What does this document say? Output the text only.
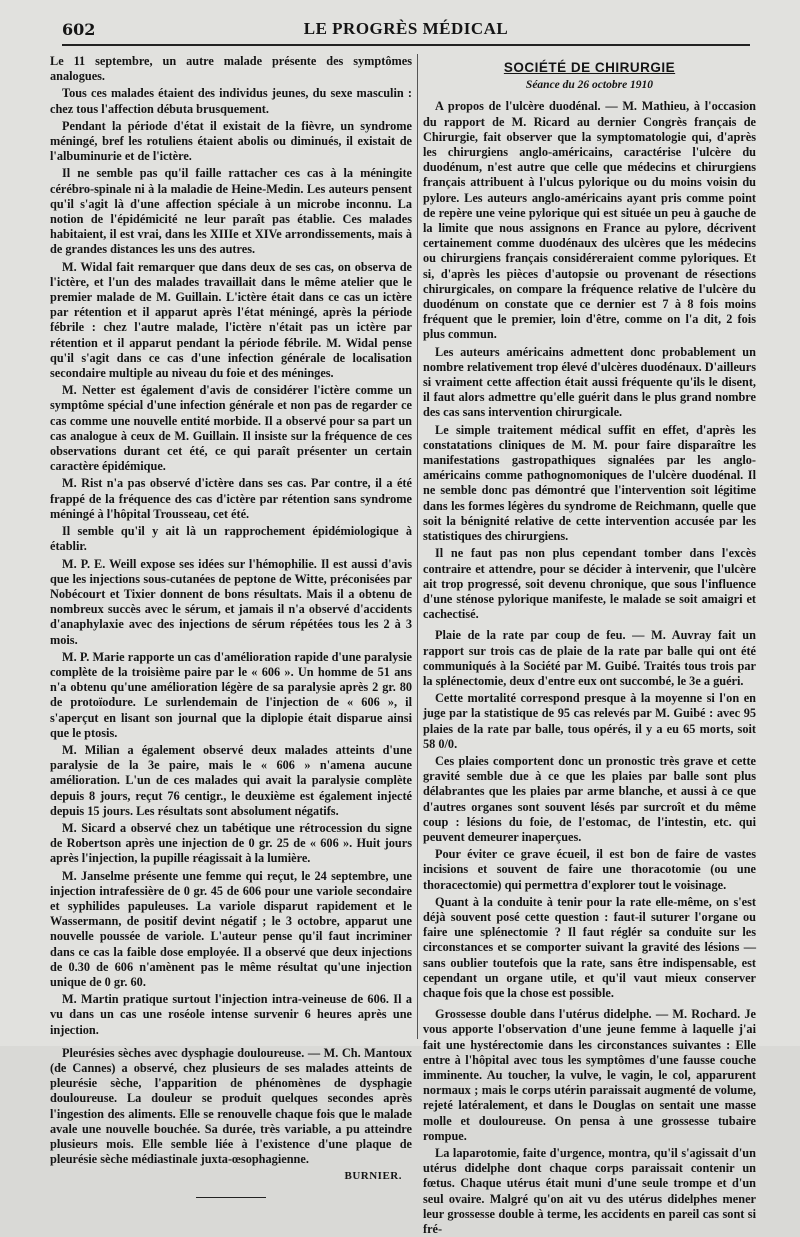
602	LE PROGRÈS MÉDICAL

Le 11 septembre, un autre malade présente des symptômes analogues.

Tous ces malades étaient des individus jeunes, du sexe masculin : chez tous l'affection débuta brusquement.

Pendant la période d'état il existait de la fièvre, un syndrome méningé, bref les rotuliens étaient abolis ou diminués, il existait de l'albuminurie et de l'ictère.

Il ne semble pas qu'il faille rattacher ces cas à la méningite cérébro-spinale ni à la maladie de Heine-Medin. Les auteurs pensent qu'il s'agit là d'une affection spéciale à un microbe inconnu. La notion de l'épidémicité ne leur paraît pas établie. Ces malades habitaient, il est vrai, dans les XIIIe et XIVe arrondissements, mais à de grandes distances les uns des autres.

M. Widal fait remarquer que dans deux de ses cas, on observa de l'ictère, et l'un des malades travaillait dans le même atelier que le premier malade de M. Guillain. L'ictère était dans ce cas un ictère par rétention et il apparut après l'état méningé, après la période fébrile : chez l'autre malade, l'ictère n'était pas un ictère par rétention et il apparut pendant la période fébrile. M. Widal pense qu'il s'agit dans ce cas d'une infection générale de localisation secondaire multiple au niveau du foie et des méninges.

M. Netter est également d'avis de considérer l'ictère comme un symptôme spécial d'une infection générale et non pas de regarder ce cas comme une nouvelle entité morbide. Il a observé pour sa part un cas analogue à ceux de M. Guillain. Il insiste sur la fréquence de ces observations durant cet été, ce qui paraît présenter un certain caractère épidémique.

M. Rist n'a pas observé d'ictère dans ses cas. Par contre, il a été frappé de la fréquence des cas d'ictère par rétention sans syndrome méningé à l'hôpital Trousseau, cet été.

Il semble qu'il y ait là un rapprochement épidémiologique à établir.

M. P. E. Weill expose ses idées sur l'hémophilie. Il est aussi d'avis que les injections sous-cutanées de peptone de Witte, préconisées par Nobécourt et Tixier donnent de bons résultats. Mais il a obtenu de nombreux succès avec le sérum, et jamais il n'a observé d'accidents d'anaphylaxie avec des injections de sérum répétées tous les 2 à 3 mois.

M. P. Marie rapporte un cas d'amélioration rapide d'une paralysie complète de la troisième paire par le « 606 ». Un homme de 51 ans n'a obtenu qu'une amélioration légère de sa paralysie après 2 gr. 80 de protoïodure. Le surlendemain de l'injection de « 606 », il s'aperçut en lisant son journal que la diplopie était disparue ainsi que le ptosis.

M. Milian a également observé deux malades atteints d'une paralysie de la 3e paire, mais le « 606 » n'amena aucune amélioration. L'un de ces malades qui avait la paralysie complète depuis 8 jours, reçut 76 centigr., le deuxième est également injecté depuis 15 jours. Les résultats sont absolument négatifs.

M. Sicard a observé chez un tabétique une rétrocession du signe de Robertson après une injection de 0 gr. 25 de « 606 ». Huit jours après l'injection, la pupille réagissait à la lumière.

M. Janselme présente une femme qui reçut, le 24 septembre, une injection intrafessière de 0 gr. 45 de 606 pour une variole secondaire et syphilides papuleuses. La variole disparut rapidement et le Wassermann, de positif devint négatif ; le 3 octobre, apparut une nouvelle poussée de variole. L'auteur pense qu'il faut incriminer dans ce cas la faible dose employée. Il a observé que deux injections de 0.30 de 606 n'amènent pas le même résultat qu'une injection unique de 0 gr. 60.

M. Martin pratique surtout l'injection intra-veineuse de 606. Il a vu dans un cas une roséole intense survenir 6 heures après une injection.

Pleurésies sèches avec dysphagie douloureuse. — M. Ch. Mantoux (de Cannes) a observé, chez plusieurs de ses malades atteints de pleurésie sèche, l'apparition de phénomènes de dysphagie douloureuse. La douleur se produit quelques secondes après l'ingestion des aliments. Elle se renouvelle chaque fois que le malade avale une nouvelle bouchée. Sa durée, très variable, a pu atteindre plusieurs mois. Elle semble liée à l'existence d'une plaque de pleurésie sèche médiastinale juxta-œsophagienne.

BURNIER.
SOCIÉTÉ DE CHIRURGIE
Séance du 26 octobre 1910

A propos de l'ulcère duodénal. — M. Mathieu, à l'occasion du rapport de M. Ricard au dernier Congrès français de Chirurgie, fait observer que la symptomatologie qui, d'après les chirurgiens anglo-américains, caractérise l'ulcère du duodénum, n'est autre que celle que médecins et chirurgiens français attribuent à l'ulcus pylorique ou du moins voisin du pylore. Les auteurs anglo-américains ayant pris comme point de repère une veine pylorique qui est située un peu à gauche de la limite que nous assignons en France au pylore, décrivent certainement comme duodénaux des ulcères que les médecins ou chirurgiens français considéreraient comme pyloriques. Et si, d'après les pièces d'autopsie ou provenant de résections chirurgicales, on compare la fréquence relative de l'ulcère du duodénum on constate que ce dernier est 7 à 8 fois moins fréquent que le premier, loin d'être, comme on l'a dit, 2 fois plus commun.

Les auteurs américains admettent donc probablement un nombre relativement trop élevé d'ulcères duodénaux. D'ailleurs si vraiment cette affection était aussi fréquente qu'ils le disent, il faut alors admettre qu'elle guérit dans le plus grand nombre des cas sans intervention chirurgicale.

Le simple traitement médical suffit en effet, d'après les constatations cliniques de M. M. pour faire disparaître les manifestations gastropathiques signalées par les anglo-américains comme pathognomoniques de l'ulcère duodénal. Il ne semble donc pas démontré que l'intervention soit légitime dans les formes légères du syndrome de Reichmann, quelle que soit la bénignité relative de cette intervention accusée par les statistiques des chirurgiens.

Il ne faut pas non plus cependant tomber dans l'excès contraire et attendre, pour se décider à intervenir, que l'ulcère ait trop progressé, soit devenu chronique, que sous l'influence d'une sténose pylorique manifeste, le malade se soit amaigri et cachectisé.

Plaie de la rate par coup de feu. — M. Auvray fait un rapport sur trois cas de plaie de la rate par balle qui ont été communiqués à la Société par M. Guibé. Traités tous trois par la splénectomie, deux d'entre eux ont succombé, le 3e a guéri.

Cette mortalité correspond presque à la moyenne si l'on en juge par la statistique de 95 cas relevés par M. Guibé : avec 95 plaies de la rate par balle, tous opérés, il y a eu 65 morts, soit 58 0/0.

Ces plaies comportent donc un pronostic très grave et cette gravité semble due à ce que les plaies par balle sont plus délabrantes que les plaies par arme blanche, et aussi à ce que d'autres organes sont souvent lésés par surcroît et du même coup : lésions du foie, de l'estomac, de l'intestin, etc. qui peuvent demeurer inaperçues.

Pour éviter ce grave écueil, il est bon de faire de vastes incisions et souvent de faire une thoracotomie (ou une thoracectomie) qui permettra d'explorer tout le voisinage.

Quant à la conduite à tenir pour la rate elle-même, on s'est déjà souvent posé cette question : faut-il suturer l'organe ou faire une splénectomie ? Il faut réglér sa conduite sur les circonstances et se comporter suivant la gravité des lésions — sans oublier toutefois que la rate, sans être indispensable, est cependant un organe utile, et qu'il vaut mieux conserver chaque fois que la chose est possible.

Grossesse double dans l'utérus didelphe. — M. Rochard. Je vous apporte l'observation d'une jeune femme à laquelle j'ai fait une hystérectomie dans les circonstances suivantes : Elle entre à l'hôpital avec tous les symptômes d'une fausse couche imminente. Au toucher, la vulve, le vagin, le col, apparurent normaux ; mais le corps utérin paraissait augmenté de volume, rejeté latéralement, et dans le Douglas on sentait une masse molle et douloureuse. On pensa à une grossesse tubaire rompue.

La laparotomie, faite d'urgence, montra, qu'il s'agissait d'un utérus didelphe dont chaque corps paraissait contenir un fœtus. Chaque utérus était muni d'une seule trompe et d'un seul ovaire. Malgré qu'on ait vu des utérus didelphes mener leur grossesse double à terme, les accidents en pareil cas sont si fré-
